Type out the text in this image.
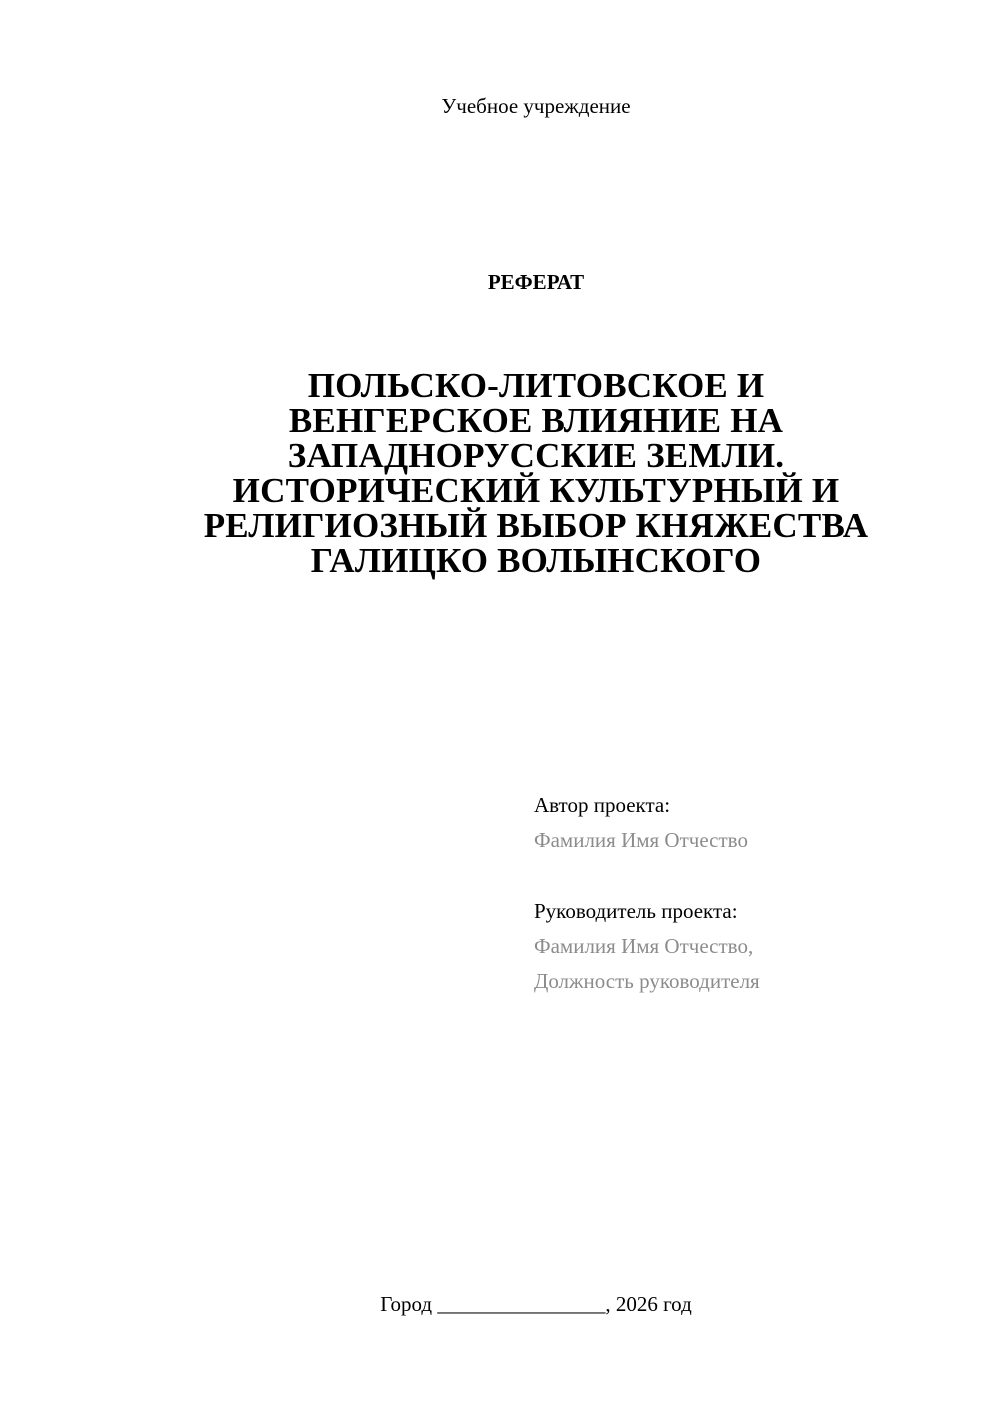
Учебное учреждение
РЕФЕРАТ
ПОЛЬСКО-ЛИТОВСКОЕ И
ВЕНГЕРСКОЕ ВЛИЯНИЕ НА
ЗАПАДНОРУССКИЕ ЗЕМЛИ.
ИСТОРИЧЕСКИЙ КУЛЬТУРНЫЙ И
РЕЛИГИОЗНЫЙ ВЫБОР КНЯЖЕСТВА
ГАЛИЦКО ВОЛЫНСКОГО
Автор проекта:
Фамилия Имя Отчество
Руководитель проекта:
Фамилия Имя Отчество,
Должность руководителя
Город ________________, 2026 год
